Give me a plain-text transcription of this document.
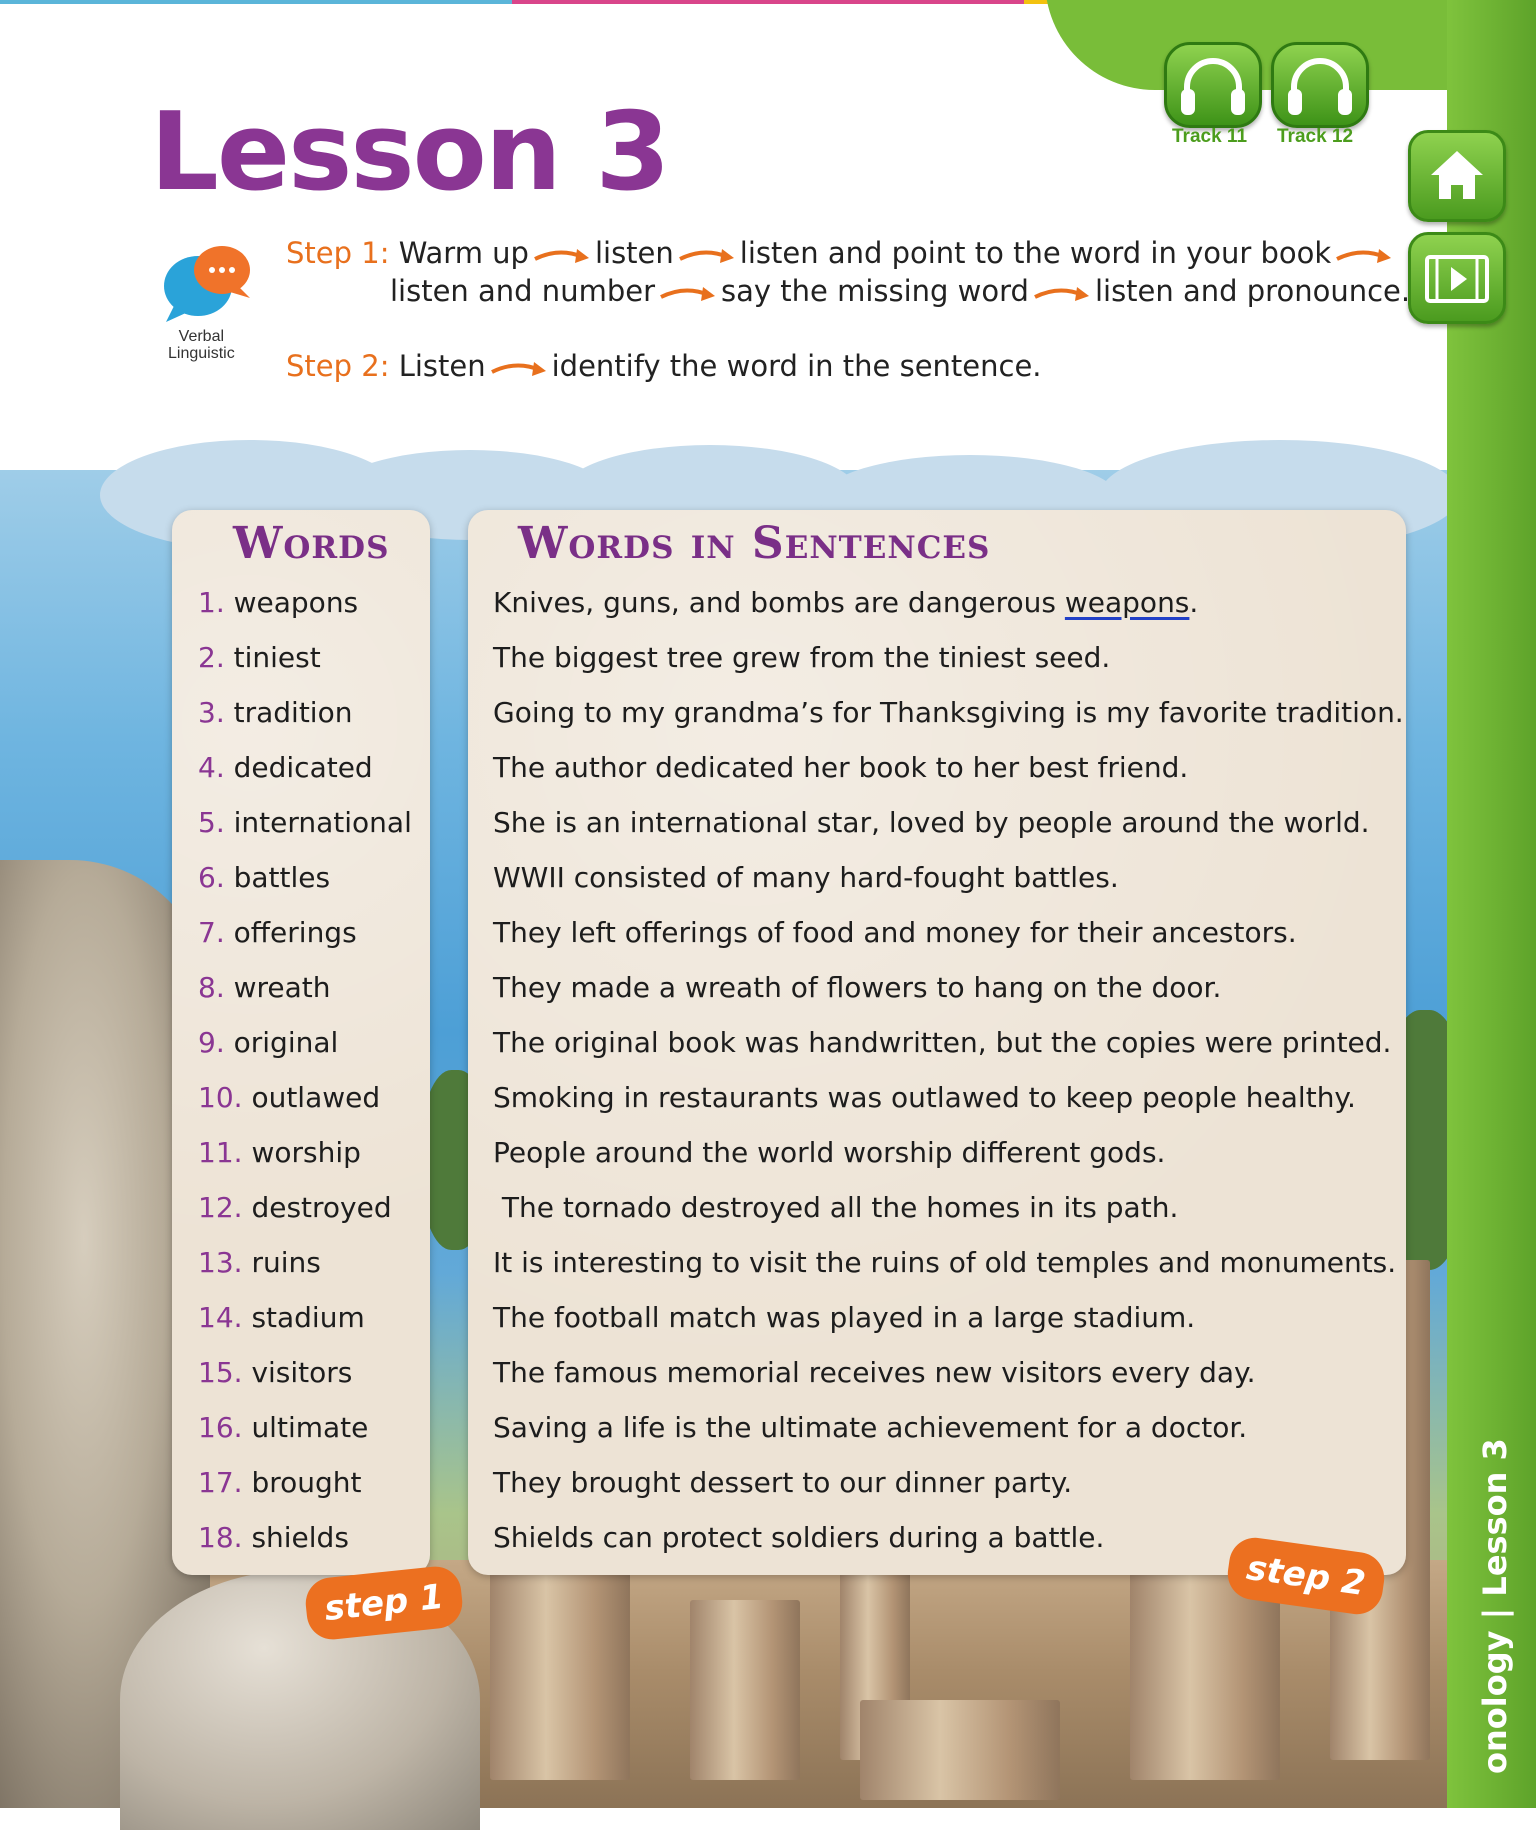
onology | Lesson 3
Track 11 Track 12
Lesson 3
Verbal
Linguistic
Step 1: Warm up listen listen and point to the word in your book
listen and number say the missing word listen and pronounce.
Step 2: Listen identify the word in the sentence.
Words
1. weapons
2. tiniest
3. tradition
4. dedicated
5. international
6. battles
7. offerings
8. wreath
9. original
10. outlawed
11. worship
12. destroyed
13. ruins
14. stadium
15. visitors
16. ultimate
17. brought
18. shields
Words in Sentences
Knives, guns, and bombs are dangerous weapons.
The biggest tree grew from the tiniest seed.
Going to my grandma’s for Thanksgiving is my favorite tradition.
The author dedicated her book to her best friend.
She is an international star, loved by people around the world.
WWII consisted of many hard-fought battles.
They left offerings of food and money for their ancestors.
They made a wreath of flowers to hang on the door.
The original book was handwritten, but the copies were printed.
Smoking in restaurants was outlawed to keep people healthy.
People around the world worship different gods.
The tornado destroyed all the homes in its path.
It is interesting to visit the ruins of old temples and monuments.
The football match was played in a large stadium.
The famous memorial receives new visitors every day.
Saving a life is the ultimate achievement for a doctor.
They brought dessert to our dinner party.
Shields can protect soldiers during a battle.
step 1	step 2
